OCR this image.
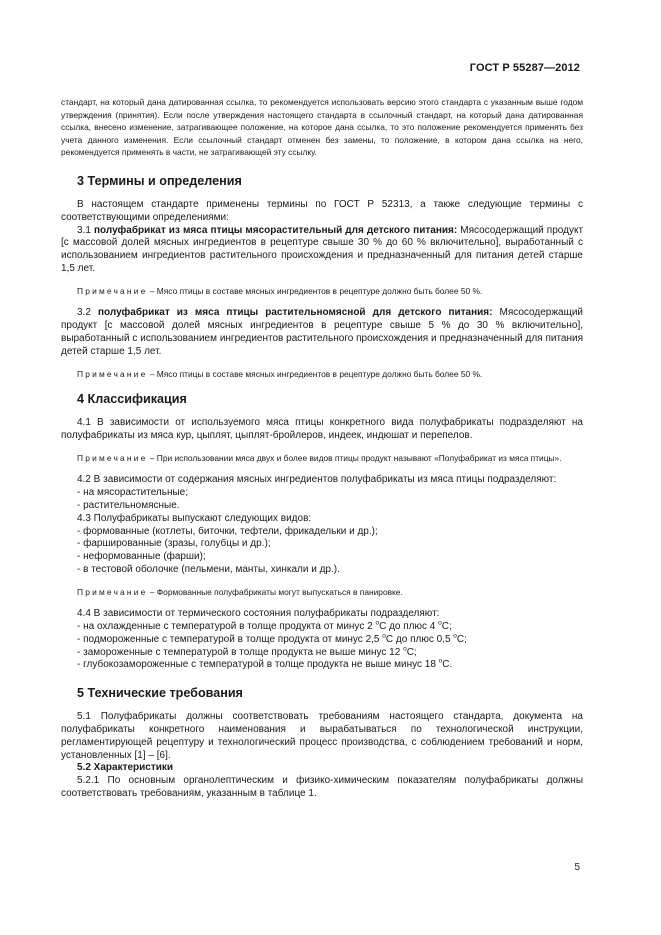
ГОСТ Р 55287—2012

стандарт, на который дана датированная ссылка, то рекомендуется использовать версию этого стандарта с указанным выше годом утверждения (принятия). Если после утверждения настоящего стандарта в ссылочный стандарт, на который дана датированная ссылка, внесено изменение, затрагивающее положение, на которое дана ссылка, то это положение рекомендуется применять без учета данного изменения. Если ссылочный стандарт отменен без замены, то положение, в котором дана ссылка на него, рекомендуется применять в части, не затрагивающей эту ссылку.

3 Термины и определения

В настоящем стандарте применены термины по ГОСТ Р 52313, а также следующие термины с соответствующими определениями:

3.1 полуфабрикат из мяса птицы мясорастительный для детского питания: Мясосодержащий продукт [с массовой долей мясных ингредиентов в рецептуре свыше 30 % до 60 % включительно], выработанный с использованием ингредиентов растительного происхождения и предназначенный для питания детей старше 1,5 лет.

Примечание – Мясо птицы в составе мясных ингредиентов в рецептуре должно быть более 50 %.

3.2 полуфабрикат из мяса птицы растительномясной для детского питания: Мясосодержащий продукт [с массовой долей мясных ингредиентов в рецептуре свыше 5 % до 30 % включительно], выработанный с использованием ингредиентов растительного происхождения и предназначенный для питания детей старше 1,5 лет.

Примечание – Мясо птицы в составе мясных ингредиентов в рецептуре должно быть более 50 %.

4 Классификация

4.1 В зависимости от используемого мяса птицы конкретного вида полуфабрикаты подразделяют на полуфабрикаты из мяса кур, цыплят, цыплят-бройлеров, индеек, индюшат и перепелов.

Примечание – При использовании мяса двух и более видов птицы продукт называют «Полуфабрикат из мяса птицы».

4.2 В зависимости от содержания мясных ингредиентов полуфабрикаты из мяса птицы подразделяют:

- на мясорастительные;

- растительномясные.

4.3 Полуфабрикаты выпускают следующих видов:

- формованные (котлеты, биточки, тефтели, фрикадельки и др.);

- фаршированные (зразы, голубцы и др.);

- неформованные (фарши);

- в тестовой оболочке (пельмени, манты, хинкали и др.).

Примечание – Формованные полуфабрикаты могут выпускаться в панировке.

4.4 В зависимости от термического состояния полуфабрикаты подразделяют:

- на охлажденные с температурой в толще продукта от минус 2 $^о$С до плюс 4 $^о$С;

- подмороженные с температурой в толще продукта от минус 2,5 $^о$С до плюс 0,5 $^о$С;

- замороженные с температурой в толще продукта не выше минус 12 $^о$С;

- глубокозамороженные с температурой в толще продукта не выше минус 18 $^о$С.

5 Технические требования

5.1 Полуфабрикаты должны соответствовать требованиям настоящего стандарта, документа на полуфабрикаты конкретного наименования и вырабатываться по технологической инструкции, регламентирующей рецептуру и технологический процесс производства, с соблюдением требований и норм, установленных [1] – [6].

5.2 Характеристики

5.2.1 По основным органолептическим и физико-химическим показателям полуфабрикаты должны соответствовать требованиям, указанным в таблице 1.

5
